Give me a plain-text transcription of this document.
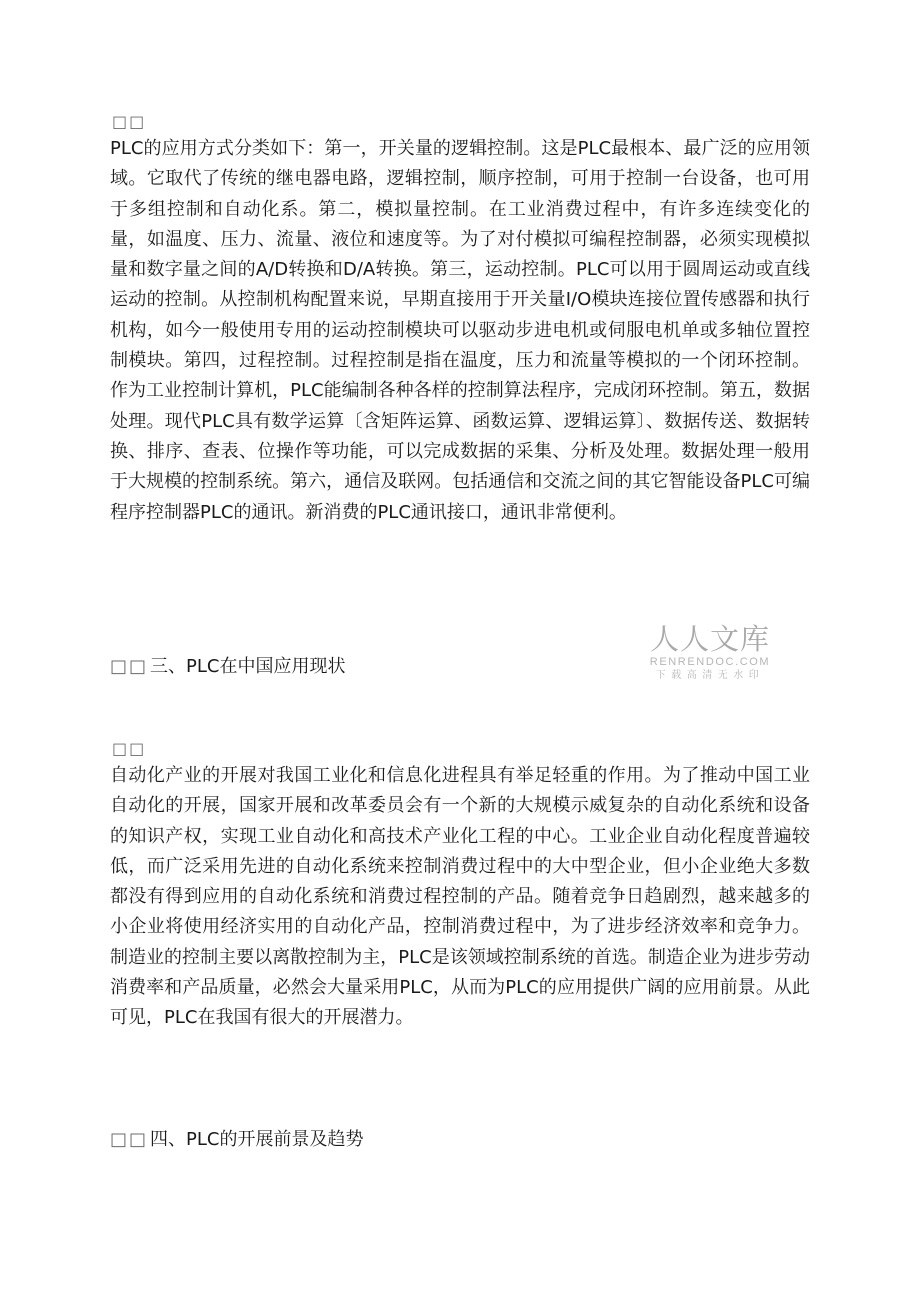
□□

PLC的应用方式分类如下：第一，开关量的逻辑控制。这是PLC最根本、最广泛的应用领域。它取代了传统的继电器电路，逻辑控制，顺序控制，可用于控制一台设备，也可用于多组控制和自动化系。第二，模拟量控制。在工业消费过程中，有许多连续变化的量，如温度、压力、流量、液位和速度等。为了对付模拟可编程控制器，必须实现模拟量和数字量之间的A/D转换和D/A转换。第三，运动控制。PLC可以用于圆周运动或直线运动的控制。从控制机构配置来说，早期直接用于开关量I/O模块连接位置传感器和执行机构，如今一般使用专用的运动控制模块可以驱动步进电机或伺服电机单或多轴位置控制模块。第四，过程控制。过程控制是指在温度，压力和流量等模拟的一个闭环控制。作为工业控制计算机，PLC能编制各种各样的控制算法程序，完成闭环控制。第五，数据处理。现代PLC具有数学运算〔含矩阵运算、函数运算、逻辑运算〕、数据传送、数据转换、排序、查表、位操作等功能，可以完成数据的采集、分析及处理。数据处理一般用于大规模的控制系统。第六，通信及联网。包括通信和交流之间的其它智能设备PLC可编程序控制器PLC的通讯。新消费的PLC通讯接口，通讯非常便利。

□□ 三、PLC在中国应用现状
人人文库
RENRENDOC.COM
下载高清无水印
□□

自动化产业的开展对我国工业化和信息化进程具有举足轻重的作用。为了推动中国工业自动化的开展，国家开展和改革委员会有一个新的大规模示威复杂的自动化系统和设备的知识产权，实现工业自动化和高技术产业化工程的中心。工业企业自动化程度普遍较低，而广泛采用先进的自动化系统来控制消费过程中的大中型企业，但小企业绝大多数都没有得到应用的自动化系统和消费过程控制的产品。随着竞争日趋剧烈，越来越多的小企业将使用经济实用的自动化产品，控制消费过程中，为了进步经济效率和竞争力。制造业的控制主要以离散控制为主，PLC是该领域控制系统的首选。制造企业为进步劳动消费率和产品质量，必然会大量采用PLC，从而为PLC的应用提供广阔的应用前景。从此可见，PLC在我国有很大的开展潜力。

□□ 四、PLC的开展前景及趋势
